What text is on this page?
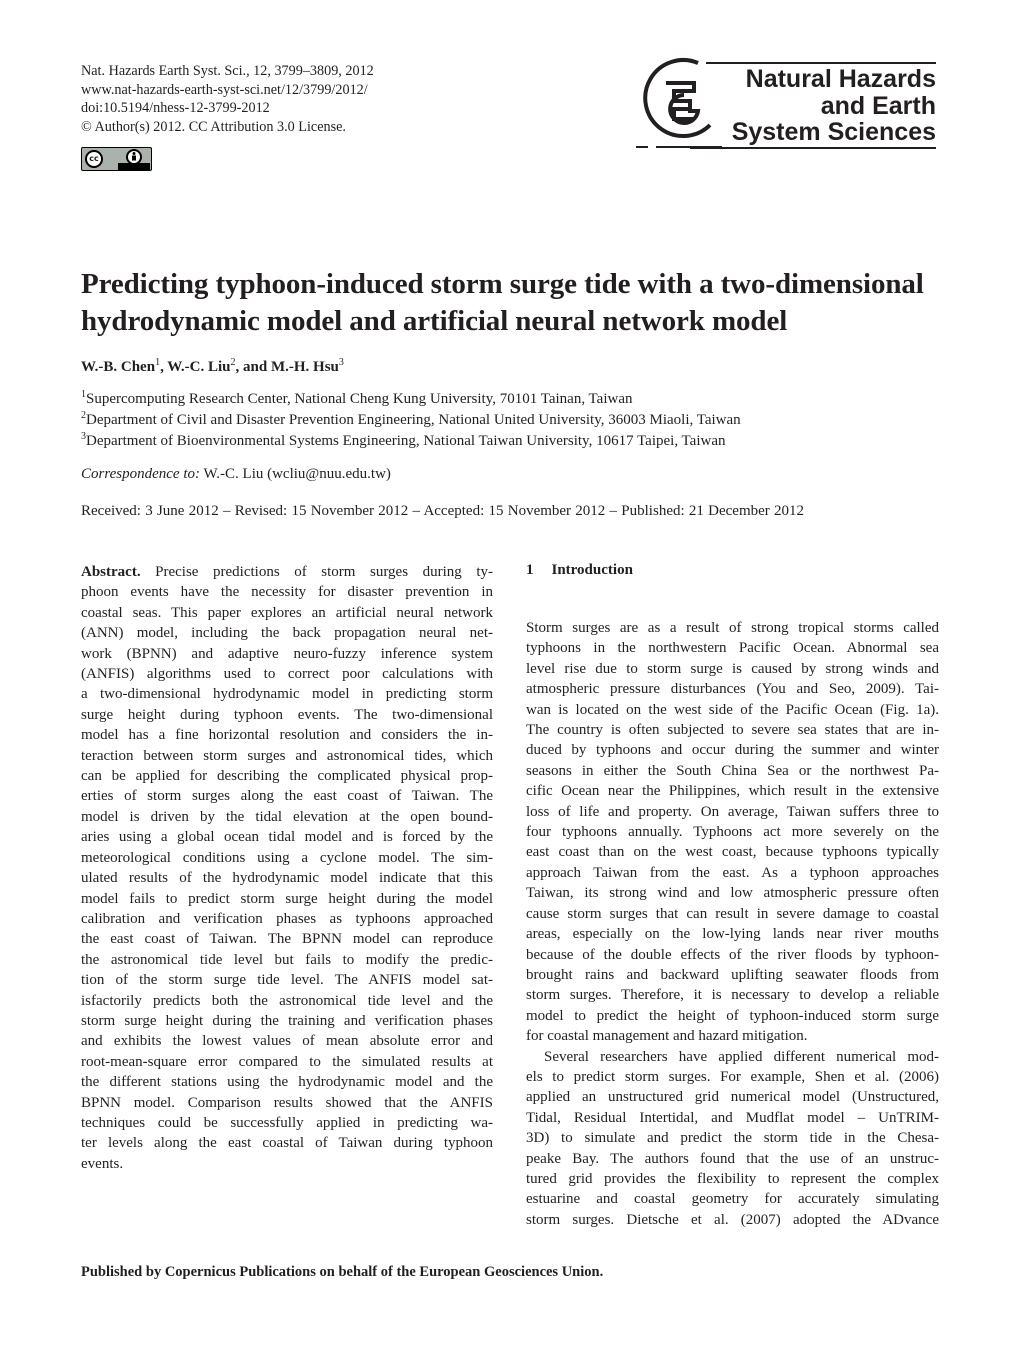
Nat. Hazards Earth Syst. Sci., 12, 3799–3809, 2012

www.nat-hazards-earth-syst-sci.net/12/3799/2012/

doi:10.5194/nhess-12-3799-2012

© Author(s) 2012. CC Attribution 3.0 License.

cc
Natural Hazards
and Earth
System Sciences
Predicting typhoon-induced storm surge tide with a two-dimensional
hydrodynamic model and artificial neural network model
W.-B. Chen$^1$, W.-C. Liu$^2$, and M.-H. Hsu$^3$
$^1$Supercomputing Research Center, National Cheng Kung University, 70101 Tainan, Taiwan
$^2$Department of Civil and Disaster Prevention Engineering, National United University, 36003 Miaoli, Taiwan
$^3$Department of Bioenvironmental Systems Engineering, National Taiwan University, 10617 Taipei, Taiwan
Correspondence to: W.-C. Liu (wcliu@nuu.edu.tw)
Received: 3 June 2012 – Revised: 15 November 2012 – Accepted: 15 November 2012 – Published: 21 December 2012
Abstract. Precise predictions of storm surges during ty-
phoon events have the necessity for disaster prevention in
coastal seas. This paper explores an artificial neural network
(ANN) model, including the back propagation neural net-
work (BPNN) and adaptive neuro-fuzzy inference system
(ANFIS) algorithms used to correct poor calculations with
a two-dimensional hydrodynamic model in predicting storm
surge height during typhoon events. The two-dimensional
model has a fine horizontal resolution and considers the in-
teraction between storm surges and astronomical tides, which
can be applied for describing the complicated physical prop-
erties of storm surges along the east coast of Taiwan. The
model is driven by the tidal elevation at the open bound-
aries using a global ocean tidal model and is forced by the
meteorological conditions using a cyclone model. The sim-
ulated results of the hydrodynamic model indicate that this
model fails to predict storm surge height during the model
calibration and verification phases as typhoons approached
the east coast of Taiwan. The BPNN model can reproduce
the astronomical tide level but fails to modify the predic-
tion of the storm surge tide level. The ANFIS model sat-
isfactorily predicts both the astronomical tide level and the
storm surge height during the training and verification phases
and exhibits the lowest values of mean absolute error and
root-mean-square error compared to the simulated results at
the different stations using the hydrodynamic model and the
BPNN model. Comparison results showed that the ANFIS
techniques could be successfully applied in predicting wa-
ter levels along the east coastal of Taiwan during typhoon
events.
1 Introduction
Storm surges are as a result of strong tropical storms called
typhoons in the northwestern Pacific Ocean. Abnormal sea
level rise due to storm surge is caused by strong winds and
atmospheric pressure disturbances (You and Seo, 2009). Tai-
wan is located on the west side of the Pacific Ocean (Fig. 1a).
The country is often subjected to severe sea states that are in-
duced by typhoons and occur during the summer and winter
seasons in either the South China Sea or the northwest Pa-
cific Ocean near the Philippines, which result in the extensive
loss of life and property. On average, Taiwan suffers three to
four typhoons annually. Typhoons act more severely on the
east coast than on the west coast, because typhoons typically
approach Taiwan from the east. As a typhoon approaches
Taiwan, its strong wind and low atmospheric pressure often
cause storm surges that can result in severe damage to coastal
areas, especially on the low-lying lands near river mouths
because of the double effects of the river floods by typhoon-
brought rains and backward uplifting seawater floods from
storm surges. Therefore, it is necessary to develop a reliable
model to predict the height of typhoon-induced storm surge
for coastal management and hazard mitigation.
Several researchers have applied different numerical mod-
els to predict storm surges. For example, Shen et al. (2006)
applied an unstructured grid numerical model (Unstructured,
Tidal, Residual Intertidal, and Mudflat model – UnTRIM-
3D) to simulate and predict the storm tide in the Chesa-
peake Bay. The authors found that the use of an unstruc-
tured grid provides the flexibility to represent the complex
estuarine and coastal geometry for accurately simulating
storm surges. Dietsche et al. (2007) adopted the ADvance
Published by Copernicus Publications on behalf of the European Geosciences Union.
